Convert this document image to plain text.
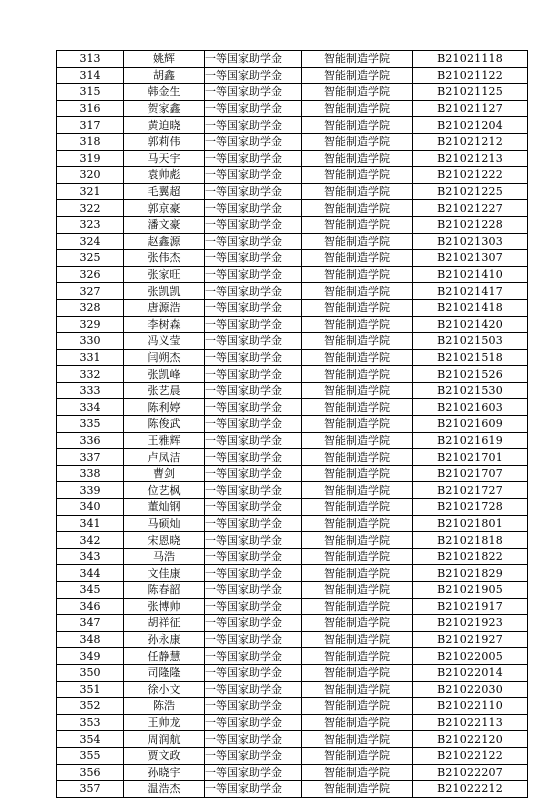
313	姚辉	一等国家助学金	智能制造学院	B21021118
314	胡鑫	一等国家助学金	智能制造学院	B21021122
315	韩金生	一等国家助学金	智能制造学院	B21021125
316	贺家鑫	一等国家助学金	智能制造学院	B21021127
317	黄迫晓	一等国家助学金	智能制造学院	B21021204
318	郭莉伟	一等国家助学金	智能制造学院	B21021212
319	马天宇	一等国家助学金	智能制造学院	B21021213
320	袁帅彪	一等国家助学金	智能制造学院	B21021222
321	毛翼超	一等国家助学金	智能制造学院	B21021225
322	郭京豪	一等国家助学金	智能制造学院	B21021227
323	潘文豪	一等国家助学金	智能制造学院	B21021228
324	赵鑫源	一等国家助学金	智能制造学院	B21021303
325	张伟杰	一等国家助学金	智能制造学院	B21021307
326	张家旺	一等国家助学金	智能制造学院	B21021410
327	张凯凯	一等国家助学金	智能制造学院	B21021417
328	唐源浩	一等国家助学金	智能制造学院	B21021418
329	李树森	一等国家助学金	智能制造学院	B21021420
330	冯义莹	一等国家助学金	智能制造学院	B21021503
331	闫朔杰	一等国家助学金	智能制造学院	B21021518
332	张凯峰	一等国家助学金	智能制造学院	B21021526
333	张艺晨	一等国家助学金	智能制造学院	B21021530
334	陈利婷	一等国家助学金	智能制造学院	B21021603
335	陈俊武	一等国家助学金	智能制造学院	B21021609
336	王雅辉	一等国家助学金	智能制造学院	B21021619
337	卢凤洁	一等国家助学金	智能制造学院	B21021701
338	曹剑	一等国家助学金	智能制造学院	B21021707
339	位艺枫	一等国家助学金	智能制造学院	B21021727
340	董灿钢	一等国家助学金	智能制造学院	B21021728
341	马硕灿	一等国家助学金	智能制造学院	B21021801
342	宋恩晓	一等国家助学金	智能制造学院	B21021818
343	马浩	一等国家助学金	智能制造学院	B21021822
344	文佳康	一等国家助学金	智能制造学院	B21021829
345	陈春韶	一等国家助学金	智能制造学院	B21021905
346	张博帅	一等国家助学金	智能制造学院	B21021917
347	胡祥征	一等国家助学金	智能制造学院	B21021923
348	孙永康	一等国家助学金	智能制造学院	B21021927
349	任静慧	一等国家助学金	智能制造学院	B21022005
350	司隆隆	一等国家助学金	智能制造学院	B21022014
351	徐小文	一等国家助学金	智能制造学院	B21022030
352	陈浩	一等国家助学金	智能制造学院	B21022110
353	王帅龙	一等国家助学金	智能制造学院	B21022113
354	周润航	一等国家助学金	智能制造学院	B21022120
355	贾文政	一等国家助学金	智能制造学院	B21022122
356	孙晓宇	一等国家助学金	智能制造学院	B21022207
357	温浩杰	一等国家助学金	智能制造学院	B21022212
